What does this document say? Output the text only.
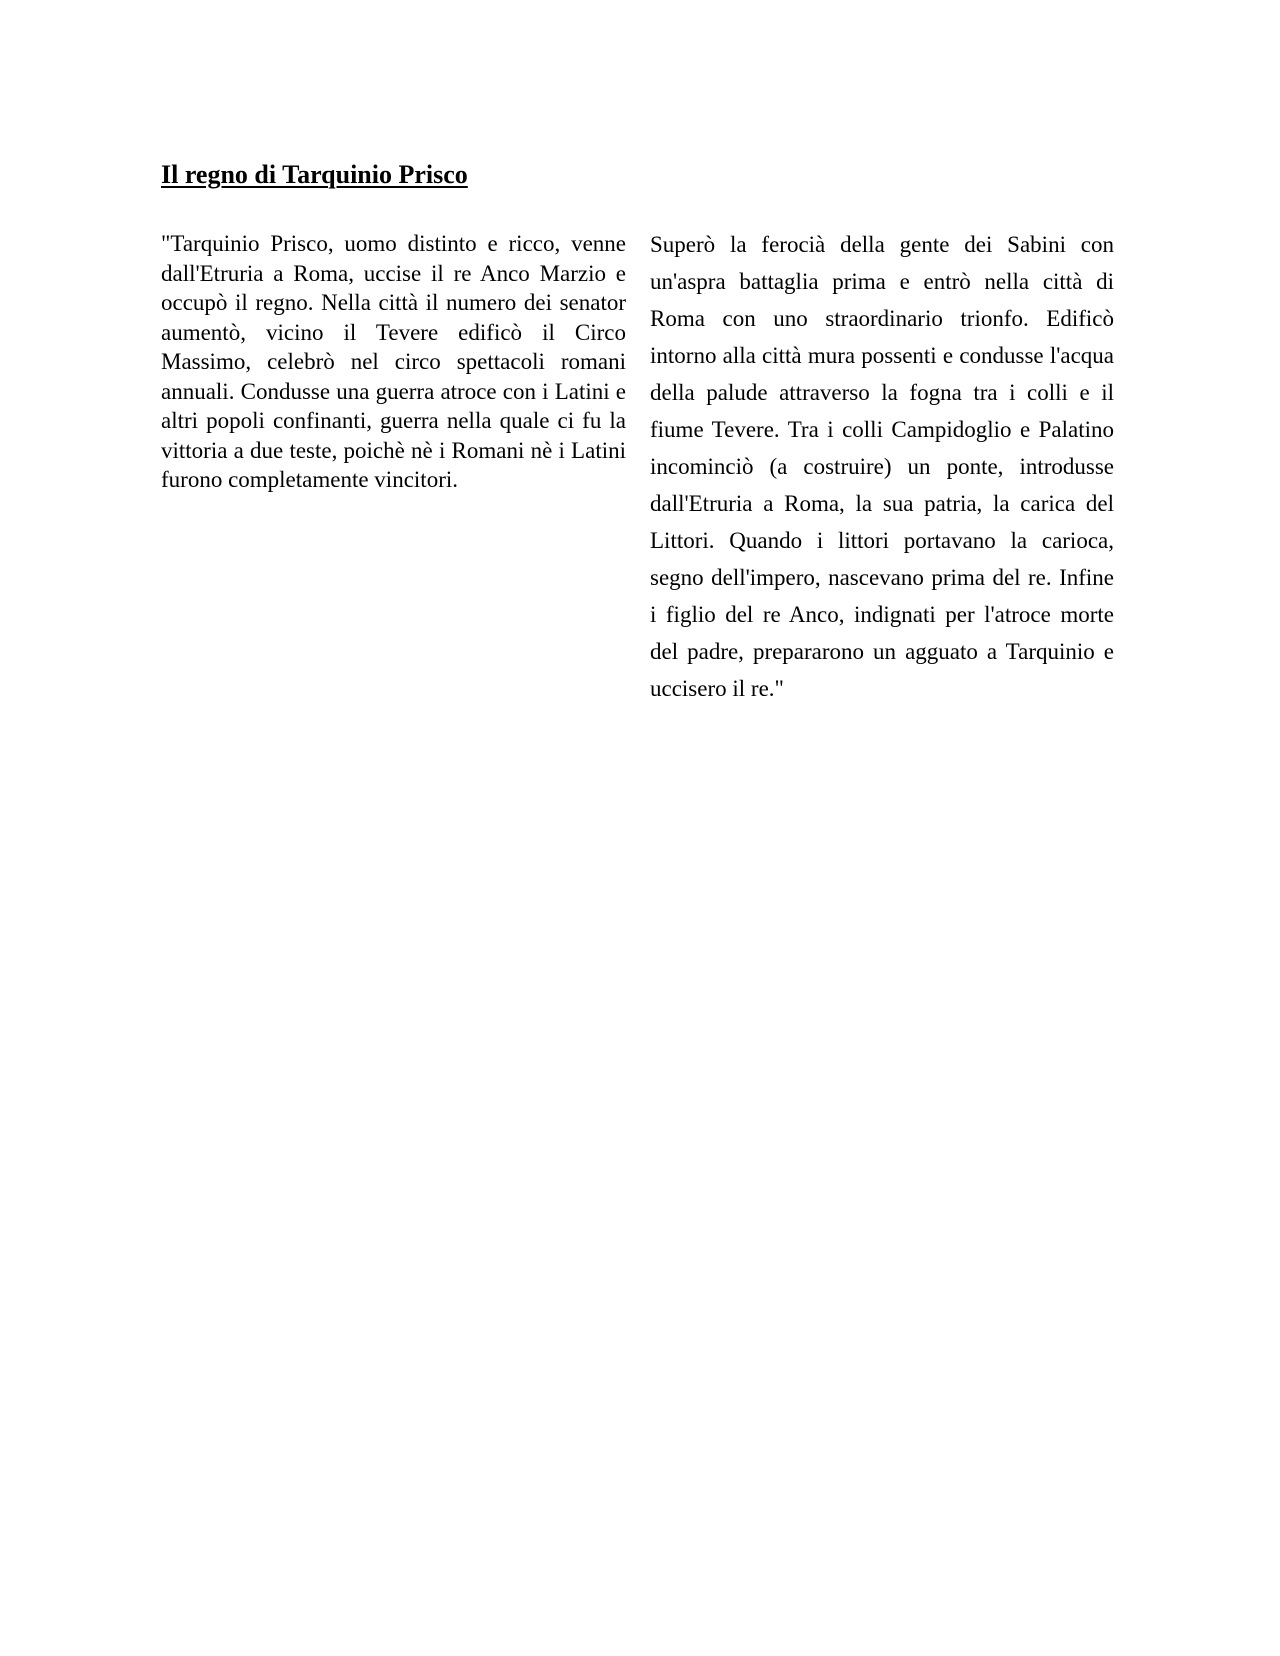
Il regno di Tarquinio Prisco

"Tarquinio Prisco, uomo distinto e ricco, venne dall'Etruria a Roma, uccise il re Anco Marzio e occupò il regno. Nella città il numero dei senator aumentò, vicino il Tevere edificò il Circo Massimo, celebrò nel circo spettacoli romani annuali. Condusse una guerra atroce con i Latini e altri popoli confinanti, guerra nella quale ci fu la vittoria a due teste, poichè nè i Romani nè i Latini furono completamente vincitori.

Superò la ferocià della gente dei Sabini con un'aspra battaglia prima e entrò nella città di Roma con uno straordinario trionfo. Edificò intorno alla città mura possenti e condusse l'acqua della palude attraverso la fogna tra i colli e il fiume Tevere. Tra i colli Campidoglio e Palatino incominciò (a costruire) un ponte, introdusse dall'Etruria a Roma, la sua patria, la carica del Littori. Quando i littori portavano la carioca, segno dell'impero, nascevano prima del re. Infine i figlio del re Anco, indignati per l'atroce morte del padre, prepararono un agguato a Tarquinio e uccisero il re."
